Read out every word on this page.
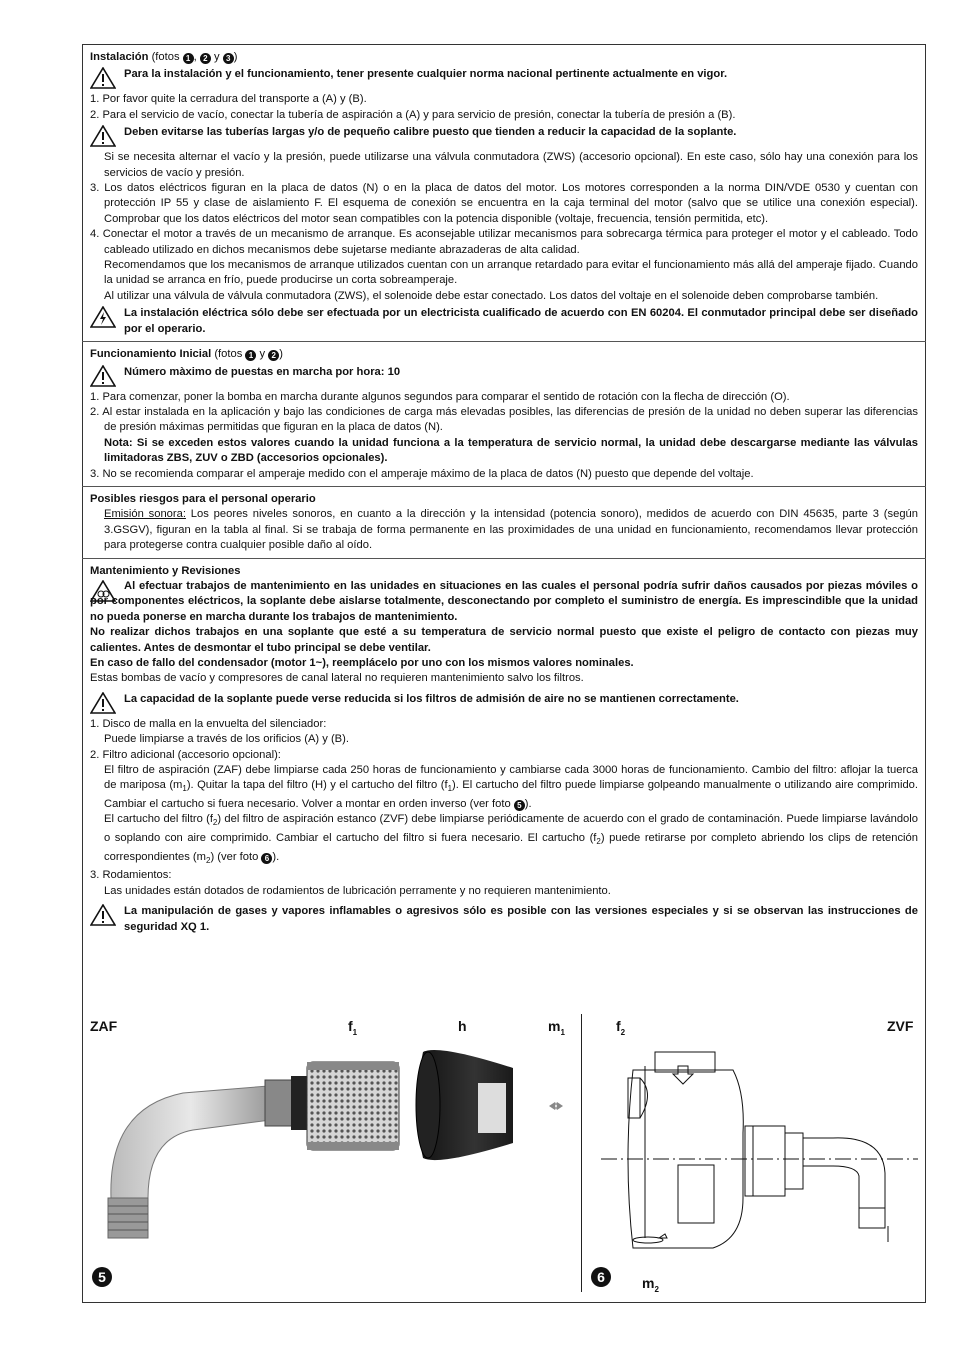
Instalación (fotos 1 , 2 y 3 )
Para la instalación y el funcionamiento, tener presente cualquier norma nacional pertinente actualmente en vigor.

1. Por favor quite la cerradura del transporte a (A) y (B).

2. Para el servicio de vacío, conectar la tubería de aspiración a (A) y para servicio de presión, conectar la tubería de presión a (B).

Deben evitarse las tuberías largas y/o de pequeño calibre puesto que tienden a reducir la capacidad de la soplante.

Si se necesita alternar el vacío y la presión, puede utilizarse una válvula conmutadora (ZWS) (accesorio opcional). En este caso, sólo hay una conexión para los servicios de vacío y presión.

3. Los datos eléctricos figuran en la placa de datos (N) o en la placa de datos del motor. Los motores corresponden a la norma DIN/VDE 0530 y cuentan con protección IP 55 y clase de aislamiento F. El esquema de conexión se encuentra en la caja terminal del motor (salvo que se utilice una conexión especial). Comprobar que los datos eléctricos del motor sean compatibles con la potencia disponible (voltaje, frecuencia, tensión permitida, etc).

4. Conectar el motor a través de un mecanismo de arranque. Es aconsejable utilizar mecanismos para sobrecarga térmica para proteger el motor y el cableado. Todo cableado utilizado en dichos mecanismos debe sujetarse mediante abrazaderas de alta calidad.

Recomendamos que los mecanismos de arranque utilizados cuentan con un arranque retardado para evitar el funcionamiento más allá del amperaje fijado. Cuando la unidad se arranca en frío, puede producirse un corta sobreamperaje.

Al utilizar una válvula de válvula conmutadora (ZWS), el solenoide debe estar conectado. Los datos del voltaje en el solenoide deben comprobarse también.

La instalación eléctrica sólo debe ser efectuada por un electricista cualificado de acuerdo con EN 60204. El conmutador principal debe ser diseñado por el operario.
Funcionamiento Inicial (fotos 1 y 2 )
Número màximo de puestas en marcha por hora: 10

1. Para comenzar, poner la bomba en marcha durante algunos segundos para comparar el sentido de rotación con la flecha de dirección (O).

2. Al estar instalada en la aplicación y bajo las condiciones de carga más elevadas posibles, las diferencias de presión de la unidad no deben superar las diferencias de presión máximas permitidas que figuran en la placa de datos (N).

Nota: Si se exceden estos valores cuando la unidad funciona a la temperatura de servicio normal, la unidad debe descargarse mediante las válvulas limitadoras ZBS, ZUV o ZBD (accesorios opcionales).

3. No se recomienda comparar el amperaje medido con el amperaje máximo de la placa de datos (N) puesto que depende del voltaje.

Posibles riesgos para el personal operario

Emisión sonora: Los peores niveles sonoros, en cuanto a la dirección y la intensidad (potencia sonoro), medidos de acuerdo con DIN 45635, parte 3 (según 3.GSGV), figuran en la tabla al final. Si se trabaja de forma permanente en las proximidades de una unidad en funcionamiento, recomendamos llevar protección para protegerse contra cualquier posible daño al oído.

Mantenimiento y Revisiones

Al efectuar trabajos de mantenimiento en las unidades en situaciones en las cuales el personal podría sufrir daños causados por piezas móviles o por componentes eléctricos, la soplante debe aislarse totalmente, desconectando por completo el suministro de energía. Es imprescindible que la unidad no pueda ponerse en marcha durante los trabajos de mantenimiento.

No realizar dichos trabajos en una soplante que esté a su temperatura de servicio normal puesto que existe el peligro de contacto con piezas muy calientes. Antes de desmontar el tubo principal se debe ventilar.

En caso de fallo del condensador (motor 1~), reemplácelo por uno con los mismos valores nominales.

Estas bombas de vacío y compresores de canal lateral no requieren mantenimiento salvo los filtros.

La capacidad de la soplante puede verse reducida si los filtros de admisión de aire no se mantienen correctamente.

1. Disco de malla en la envuelta del silenciador:

Puede limpiarse a través de los orificios (A) y (B).

2. Filtro adicional (accesorio opcional):

El filtro de aspiración (ZAF) debe limpiarse cada 250 horas de funcionamiento y cambiarse cada 3000 horas de funcionamiento. Cambio del filtro: aflojar la tuerca de mariposa $(m_1)$. Quitar la tapa del filtro (H) y el cartucho del filtro $(f_1)$. El cartucho del filtro puede limpiarse golpeando manualmente o utilizando aire comprimido. Cambiar el cartucho si fuera necesario. Volver a montar en orden inverso (ver foto 5 ).

El cartucho del filtro $(f_2)$ del filtro de aspiración estanco (ZVF) debe limpiarse periódicamente de acuerdo con el grado de contaminación. Puede limpiarse lavándolo o soplando con aire comprimido. Cambiar el cartucho del filtro si fuera necesario. El cartucho $(f_2)$ puede retirarse por completo abriendo los clips de retención correspondientes $(m_2)$ (ver foto 6 ).

3. Rodamientos:

Las unidades están dotados de rodamientos de lubricación perramente y no requieren mantenimiento.

La manipulación de gases y vapores inflamables o agresivos sólo es posible con las versiones especiales y si se observan las instrucciones de seguridad XQ 1.
ZAF	$f_1$	h	$m_1$	$f_2$	ZVF
$m_2$
5	6
